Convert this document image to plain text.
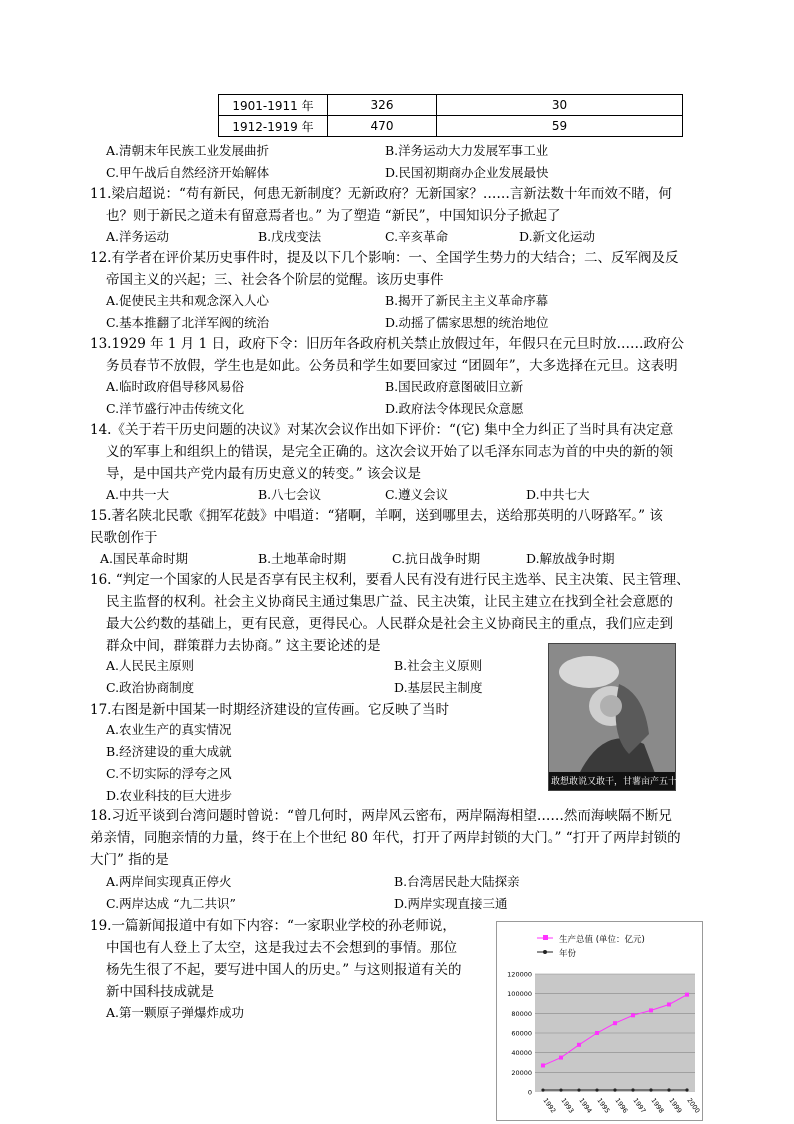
1901-1911 年	326	30
1912-1919 年	470	59
A.清朝末年民族工业发展曲折	B.洋务运动大力发展军事工业
C.甲午战后自然经济开始解体	D.民国初期商办企业发展最快
11.梁启超说：“苟有新民，何患无新制度？无新政府？无新国家？……言新法数十年而效不睹，何
也？则于新民之道未有留意焉者也。” 为了塑造 “新民”，中国知识分子掀起了
A.洋务运动	B.戊戌变法	C.辛亥革命	D.新文化运动
12.有学者在评价某历史事件时，提及以下几个影响：一、全国学生势力的大结合；二、反军阀及反
帝国主义的兴起；三、社会各个阶层的觉醒。该历史事件
A.促使民主共和观念深入人心	B.揭开了新民主主义革命序幕
C.基本推翻了北洋军阀的统治	D.动摇了儒家思想的统治地位
13.1929 年 1 月 1 日，政府下令：旧历年各政府机关禁止放假过年，年假只在元旦时放……政府公
务员春节不放假，学生也是如此。公务员和学生如要回家过 “团圆年”，大多选择在元旦。这表明
A.临时政府倡导移风易俗	B.国民政府意图破旧立新
C.洋节盛行冲击传统文化	D.政府法令体现民众意愿
14.《关于若干历史问题的决议》对某次会议作出如下评价：“(它) 集中全力纠正了当时具有决定意
义的军事上和组织上的错误，是完全正确的。这次会议开始了以毛泽东同志为首的中央的新的领
导，是中国共产党内最有历史意义的转变。” 该会议是
A.中共一大	B.八七会议	C.遵义会议	D.中共七大
15.著名陕北民歌《拥军花鼓》中唱道：“猪啊，羊啊，送到哪里去，送给那英明的八呀路军。” 该
民歌创作于
A.国民革命时期	B.土地革命时期	C.抗日战争时期	D.解放战争时期
16. “判定一个国家的人民是否享有民主权利，要看人民有没有进行民主选举、民主决策、民主管理、
民主监督的权利。社会主义协商民主通过集思广益、民主决策，让民主建立在找到全社会意愿的
最大公约数的基础上，更有民意，更得民心。人民群众是社会主义协商民主的重点，我们应走到
群众中间，群策群力去协商。” 这主要论述的是
A.人民民主原则	B.社会主义原则
C.政治协商制度	D.基层民主制度
17.右图是新中国某一时期经济建设的宣传画。它反映了当时
A.农业生产的真实情况
B.经济建设的重大成就
C.不切实际的浮夸之风
D.农业科技的巨大进步
敢想敢说又敢干，甘薯亩产五十万斤
18.习近平谈到台湾问题时曾说：“曾几何时，两岸风云密布，两岸隔海相望……然而海峡隔不断兄
弟亲情，同胞亲情的力量，终于在上个世纪 80 年代，打开了两岸封锁的大门。” “打开了两岸封锁的
大门” 指的是
A.两岸间实现真正停火	B.台湾居民赴大陆探亲
C.两岸达成 “九二共识”	D.两岸实现直接三通
19.一篇新闻报道中有如下内容：“一家职业学校的孙老师说，
中国也有人登上了太空，这是我过去不会想到的事情。那位
杨先生很了不起，要写进中国人的历史。” 与这则报道有关的
新中国科技成就是
A.第一颗原子弹爆炸成功
生产总值 (单位：亿元)
年份
120000
100000
80000
60000
40000
20000
0
1992 1993 1994 1995 1996 1997 1998 1999 2000
